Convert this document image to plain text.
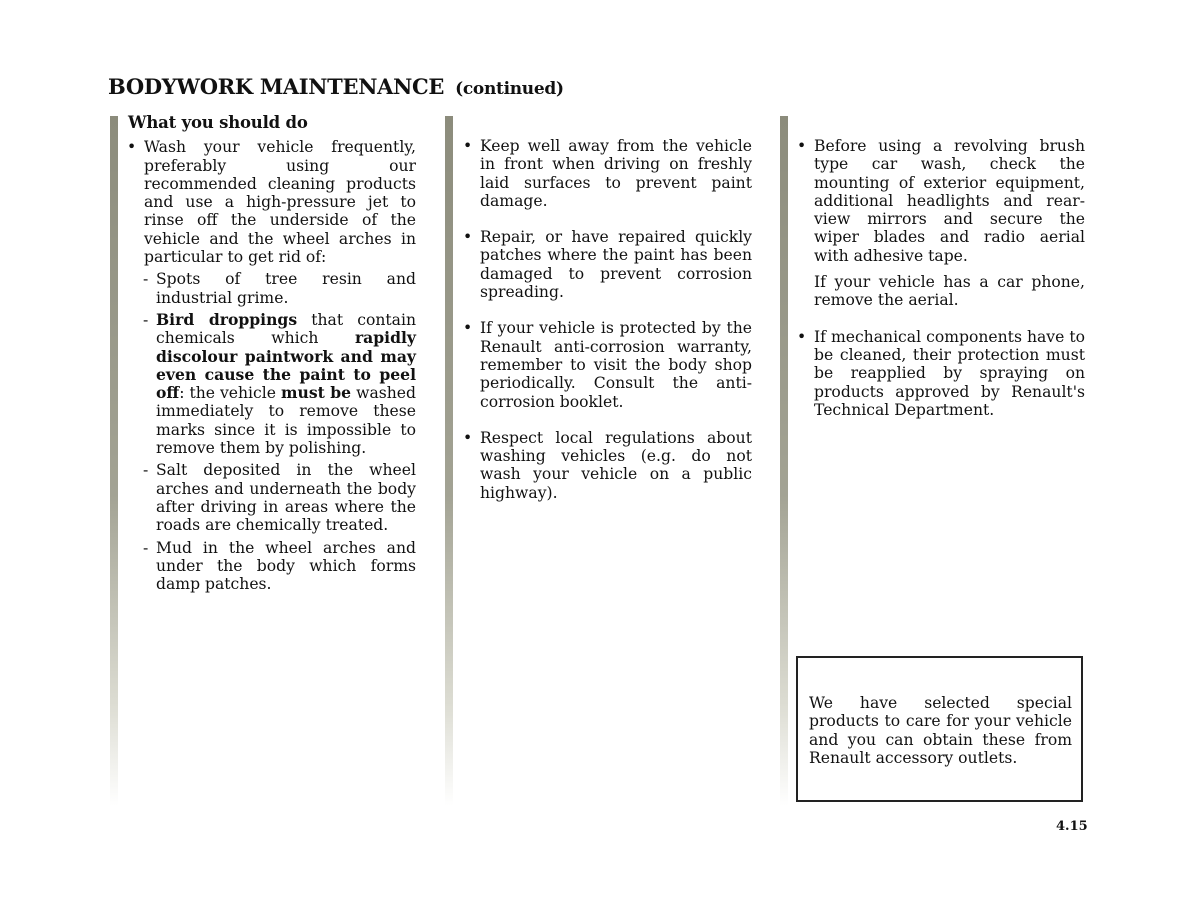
BODYWORK MAINTENANCE (continued)
What you should do
• Wash your vehicle frequently, preferably using our recommended cleaning products and use a high-pressure jet to rinse off the underside of the vehicle and the wheel arches in particular to get rid of:
- Spots of tree resin and industrial grime.
- Bird droppings that contain chemicals which rapidly discolour paintwork and may even cause the paint to peel off: the vehicle must be washed immediately to remove these marks since it is impossible to remove them by polishing.
- Salt deposited in the wheel arches and underneath the body after driving in areas where the roads are chemically treated.
- Mud in the wheel arches and under the body which forms damp patches.
• Keep well away from the vehicle in front when driving on freshly laid surfaces to prevent paint damage.
• Repair, or have repaired quickly patches where the paint has been damaged to prevent corrosion spreading.
• If your vehicle is protected by the Renault anti-corrosion warranty, remember to visit the body shop periodically. Consult the anti-corrosion booklet.
• Respect local regulations about washing vehicles (e.g. do not wash your vehicle on a public highway).
• Before using a revolving brush type car wash, check the mounting of exterior equipment, additional headlights and rear-view mirrors and secure the wiper blades and radio aerial with adhesive tape.
If your vehicle has a car phone, remove the aerial.
• If mechanical components have to be cleaned, their protection must be reapplied by spraying on products approved by Renault's Technical Department.
We have selected special products to care for your vehicle and you can obtain these from Renault accessory outlets.
4.15
